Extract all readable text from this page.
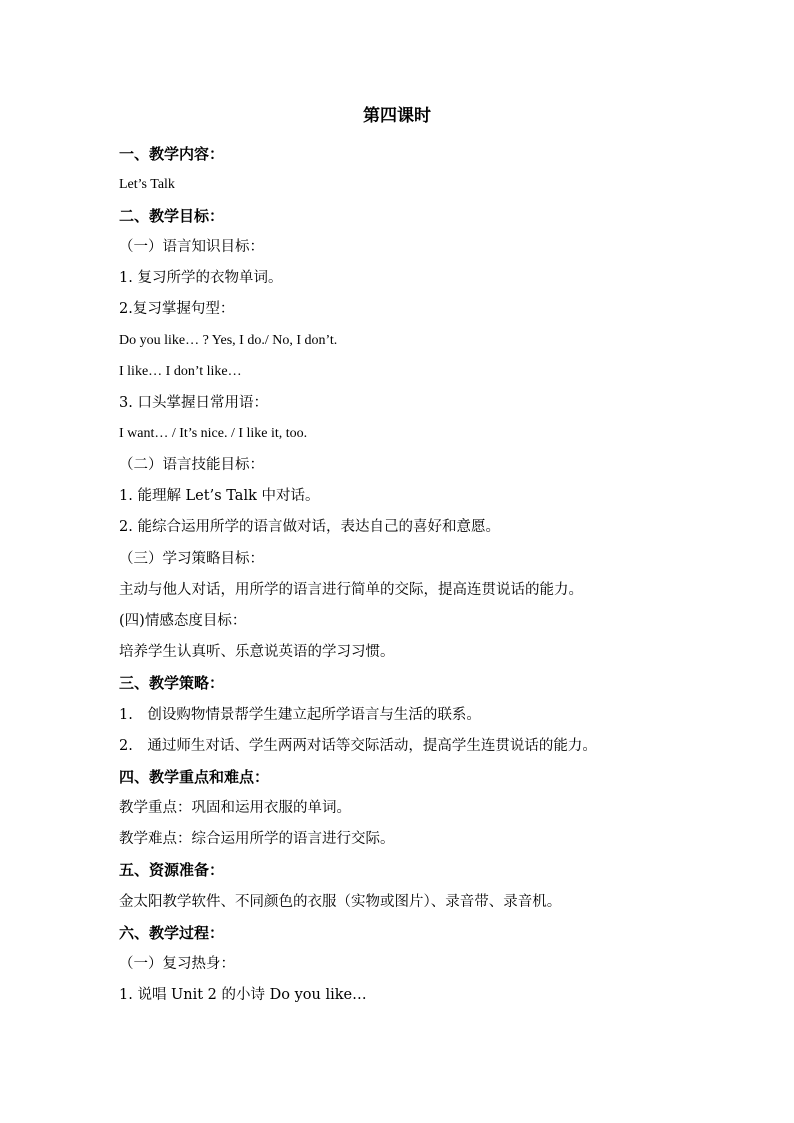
第四课时
一、教学内容：
Let’s Talk
二、教学目标：
（一）语言知识目标：
1. 复习所学的衣物单词。
2.复习掌握句型：
Do you like… ? Yes, I do./ No, I don’t.
I like… I don’t like…
3. 口头掌握日常用语：
I want… / It’s nice. / I like it, too.
（二）语言技能目标：
1. 能理解 Let’s Talk 中对话。
2. 能综合运用所学的语言做对话，表达自己的喜好和意愿。
（三）学习策略目标：
主动与他人对话，用所学的语言进行简单的交际，提高连贯说话的能力。
(四)情感态度目标：
培养学生认真听、乐意说英语的学习习惯。
三、教学策略：
1.　创设购物情景帮学生建立起所学语言与生活的联系。
2.　通过师生对话、学生两两对话等交际活动，提高学生连贯说话的能力。
四、教学重点和难点：
教学重点：巩固和运用衣服的单词。
教学难点：综合运用所学的语言进行交际。
五、资源准备：
金太阳教学软件、不同颜色的衣服（实物或图片）、录音带、录音机。
六、教学过程：
（一）复习热身：
1. 说唱 Unit 2 的小诗 Do you like…
